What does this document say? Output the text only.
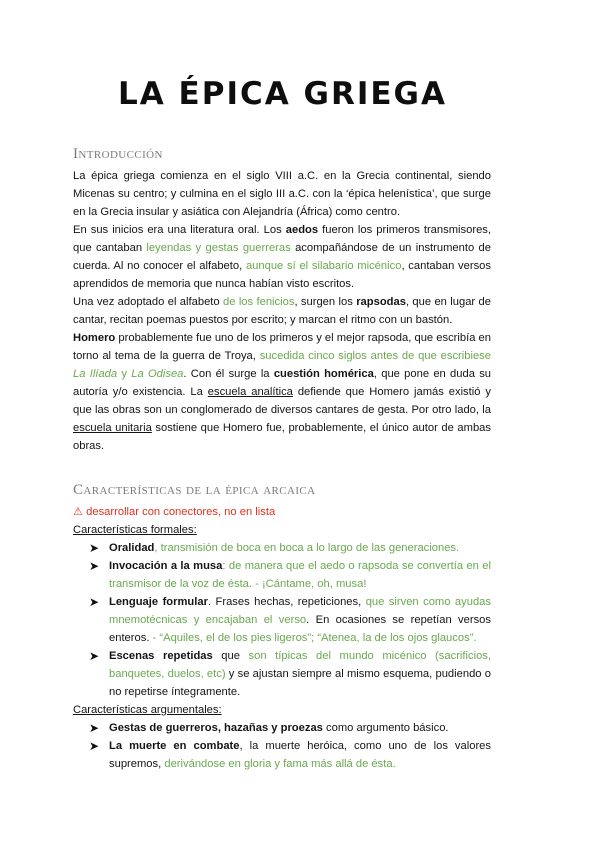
LA ÉPICA GRIEGA
Introducción

La épica griega comienza en el siglo VIII a.C. en la Grecia continental, siendo Micenas su centro; y culmina en el siglo III a.C. con la ‘épica helenística’, que surge en la Grecia insular y asiática con Alejandría (África) como centro.

En sus inicios era una literatura oral. Los aedos fueron los primeros transmisores, que cantaban leyendas y gestas guerreras acompañándose de un instrumento de cuerda. Al no conocer el alfabeto, aunque sí el silabario micénico, cantaban versos aprendidos de memoria que nunca habían visto escritos.

Una vez adoptado el alfabeto de los fenicios, surgen los rapsodas, que en lugar de cantar, recitan poemas puestos por escrito; y marcan el ritmo con un bastón.

Homero probablemente fue uno de los primeros y el mejor rapsoda, que escribía en torno al tema de la guerra de Troya, sucedida cinco siglos antes de que escribiese La Ilíada y La Odisea. Con él surge la cuestión homérica, que pone en duda su autoría y/o existencia. La escuela analítica defiende que Homero jamás existió y que las obras son un conglomerado de diversos cantares de gesta. Por otro lado, la escuela unitaria sostiene que Homero fue, probablemente, el único autor de ambas obras.

Características de la épica arcaica
⚠ desarrollar con conectores, no en lista
Características formales:
➤ Oralidad, transmisión de boca en boca a lo largo de las generaciones.
➤ Invocación a la musa: de manera que el aedo o rapsoda se convertía en el transmisor de la voz de ésta. - ¡Cántame, oh, musa!
➤ Lenguaje formular. Frases hechas, repeticiones, que sirven como ayudas mnemotécnicas y encajaban el verso. En ocasiones se repetían versos enteros. - “Aquiles, el de los pies ligeros”; “Atenea, la de los ojos glaucos”.
➤ Escenas repetidas que son típicas del mundo micénico (sacrificios, banquetes, duelos, etc) y se ajustan siempre al mismo esquema, pudiendo o no repetirse íntegramente.
Características argumentales:
➤ Gestas de guerreros, hazañas y proezas como argumento básico.
➤ La muerte en combate, la muerte heróica, como uno de los valores supremos, derivándose en gloria y fama más allá de ésta.
